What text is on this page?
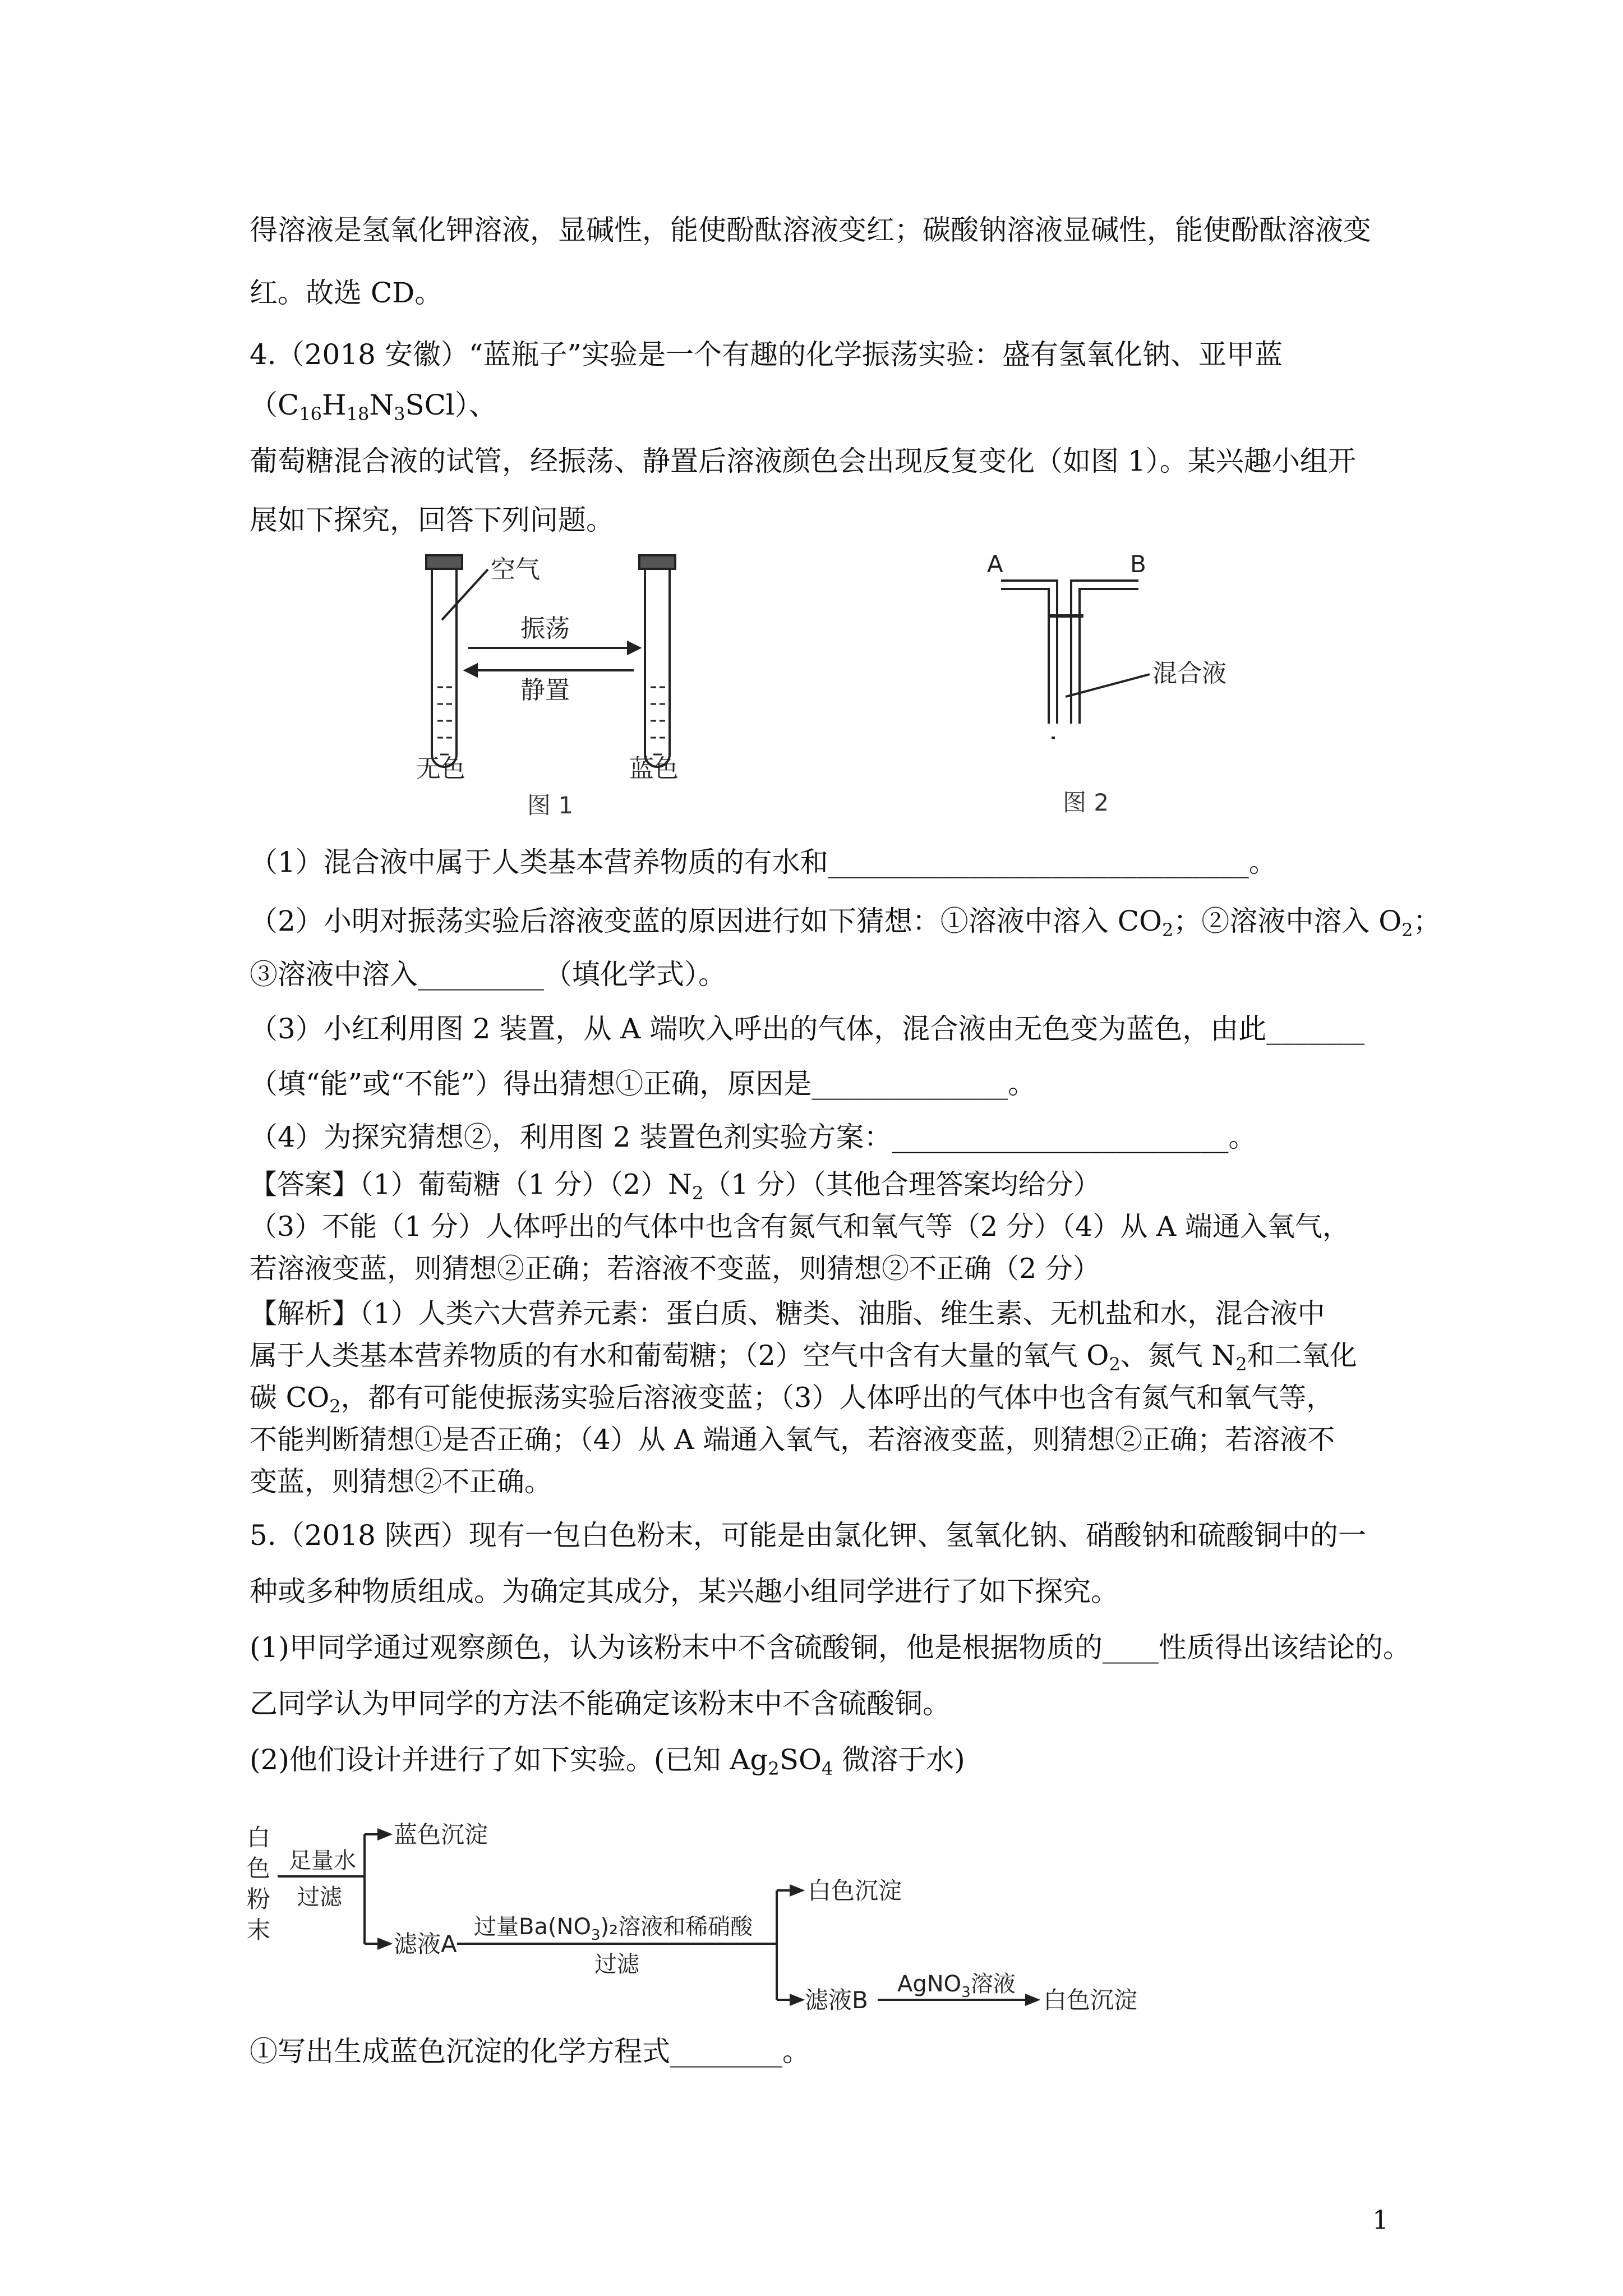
得溶液是氢氧化钾溶液，显碱性，能使酚酞溶液变红；碳酸钠溶液显碱性，能使酚酞溶液变
红。故选 CD。
4.（2018 安徽）“蓝瓶子”实验是一个有趣的化学振荡实验：盛有氢氧化钠、亚甲蓝
$(C_{16}H_{18}N_3SCl)$、
葡萄糖混合液的试管，经振荡、静置后溶液颜色会出现反复变化（如图 1）。某兴趣小组开
展如下探究，回答下列问题。
空气
振荡
静置
无色	蓝色
图 1
A	B
混合液
图 2
（1）混合液中属于人类基本营养物质的有水和______________________________。
（2）小明对振荡实验后溶液变蓝的原因进行如下猜想：①溶液中溶入 $CO_2$；②溶液中溶入 $O_2$；
③溶液中溶入_________（填化学式）。
（3）小红利用图 2 装置，从 A 端吹入呼出的气体，混合液由无色变为蓝色，由此_______
（填“能”或“不能”）得出猜想①正确，原因是______________。
（4）为探究猜想②，利用图 2 装置色剂实验方案：________________________。
【答案】（1）葡萄糖（1 分）$(2)N_2(1$ 分）（其他合理答案均给分）
（3）不能（1 分）人体呼出的气体中也含有氮气和氧气等（2 分）（4）从 A 端通入氧气，
若溶液变蓝，则猜想②正确；若溶液不变蓝，则猜想②不正确（2 分）
【解析】（1）人类六大营养元素：蛋白质、糖类、油脂、维生素、无机盐和水，混合液中
属于人类基本营养物质的有水和葡萄糖；（2）空气中含有大量的氧气 $O_2$、氮气 $N_2$和二氧化
碳 $CO_2$，都有可能使振荡实验后溶液变蓝；（3）人体呼出的气体中也含有氮气和氧气等，
不能判断猜想①是否正确；（4）从 A 端通入氧气，若溶液变蓝，则猜想②正确；若溶液不
变蓝，则猜想②不正确。
5.（2018 陕西）现有一包白色粉末，可能是由氯化钾、氢氧化钠、硝酸钠和硫酸铜中的一
种或多种物质组成。为确定其成分，某兴趣小组同学进行了如下探究。
(1)甲同学通过观察颜色，认为该粉末中不含硫酸铜，他是根据物质的____性质得出该结论的。
乙同学认为甲同学的方法不能确定该粉末中不含硫酸铜。
(2)他们设计并进行了如下实验。(已知 $Ag_2SO_4$ 微溶于水)
白
色
粉
末
足量水
过滤
蓝色沉淀
滤液A
过量$Ba(NO_3)_2$溶液和稀硝酸
过滤
白色沉淀
滤液B
AgNO$_3$溶液
白色沉淀
①写出生成蓝色沉淀的化学方程式________。
1
